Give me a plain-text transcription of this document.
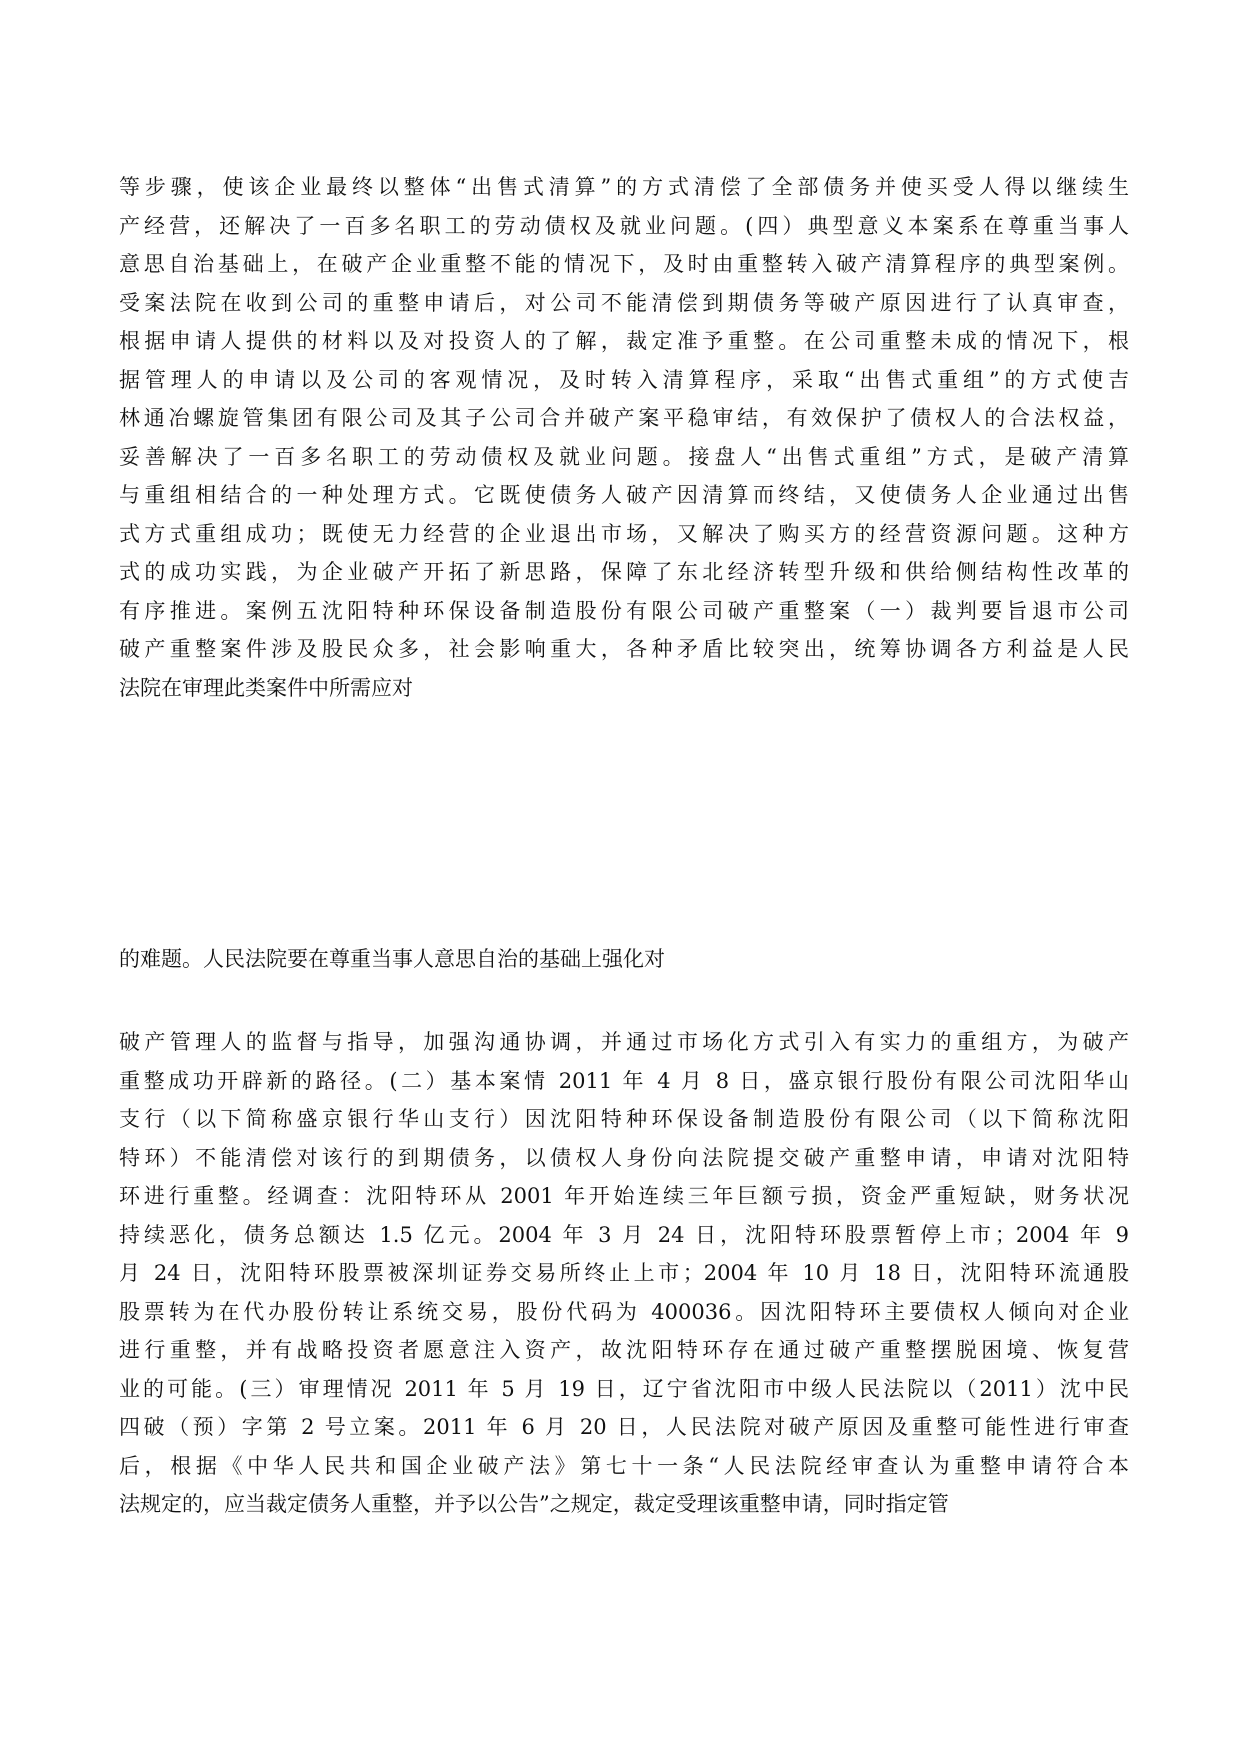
等步骤，使该企业最终以整体“出售式清算”的方式清偿了全部债务并使买受人得以继续生
产经营，还解决了一百多名职工的劳动债权及就业问题。(四）典型意义本案系在尊重当事人
意思自治基础上，在破产企业重整不能的情况下，及时由重整转入破产清算程序的典型案例。
受案法院在收到公司的重整申请后，对公司不能清偿到期债务等破产原因进行了认真审查，
根据申请人提供的材料以及对投资人的了解，裁定准予重整。在公司重整未成的情况下，根
据管理人的申请以及公司的客观情况，及时转入清算程序，采取“出售式重组”的方式使吉
林通冶螺旋管集团有限公司及其子公司合并破产案平稳审结，有效保护了债权人的合法权益，
妥善解决了一百多名职工的劳动债权及就业问题。接盘人“出售式重组”方式，是破产清算
与重组相结合的一种处理方式。它既使债务人破产因清算而终结，又使债务人企业通过出售
式方式重组成功；既使无力经营的企业退出市场，又解决了购买方的经营资源问题。这种方
式的成功实践，为企业破产开拓了新思路，保障了东北经济转型升级和供给侧结构性改革的
有序推进。案例五沈阳特种环保设备制造股份有限公司破产重整案（一）裁判要旨退市公司
破产重整案件涉及股民众多，社会影响重大，各种矛盾比较突出，统筹协调各方利益是人民
法院在审理此类案件中所需应对
的难题。人民法院要在尊重当事人意思自治的基础上强化对
破产管理人的监督与指导，加强沟通协调，并通过市场化方式引入有实力的重组方，为破产
重整成功开辟新的路径。(二）基本案情 2011 年 4 月 8 日，盛京银行股份有限公司沈阳华山
支行（以下简称盛京银行华山支行）因沈阳特种环保设备制造股份有限公司（以下简称沈阳
特环）不能清偿对该行的到期债务，以债权人身份向法院提交破产重整申请，申请对沈阳特
环进行重整。经调查：沈阳特环从 2001 年开始连续三年巨额亏损，资金严重短缺，财务状况
持续恶化，债务总额达 1.5 亿元。2004 年 3 月 24 日，沈阳特环股票暂停上市；2004 年 9
月 24 日，沈阳特环股票被深圳证券交易所终止上市；2004 年 10 月 18 日，沈阳特环流通股
股票转为在代办股份转让系统交易，股份代码为 400036。因沈阳特环主要债权人倾向对企业
进行重整，并有战略投资者愿意注入资产，故沈阳特环存在通过破产重整摆脱困境、恢复营
业的可能。(三）审理情况 2011 年 5 月 19 日，辽宁省沈阳市中级人民法院以（2011）沈中民
四破（预）字第 2 号立案。2011 年 6 月 20 日，人民法院对破产原因及重整可能性进行审查
后，根据《中华人民共和国企业破产法》第七十一条“人民法院经审查认为重整申请符合本
法规定的，应当裁定债务人重整，并予以公告”之规定，裁定受理该重整申请，同时指定管
